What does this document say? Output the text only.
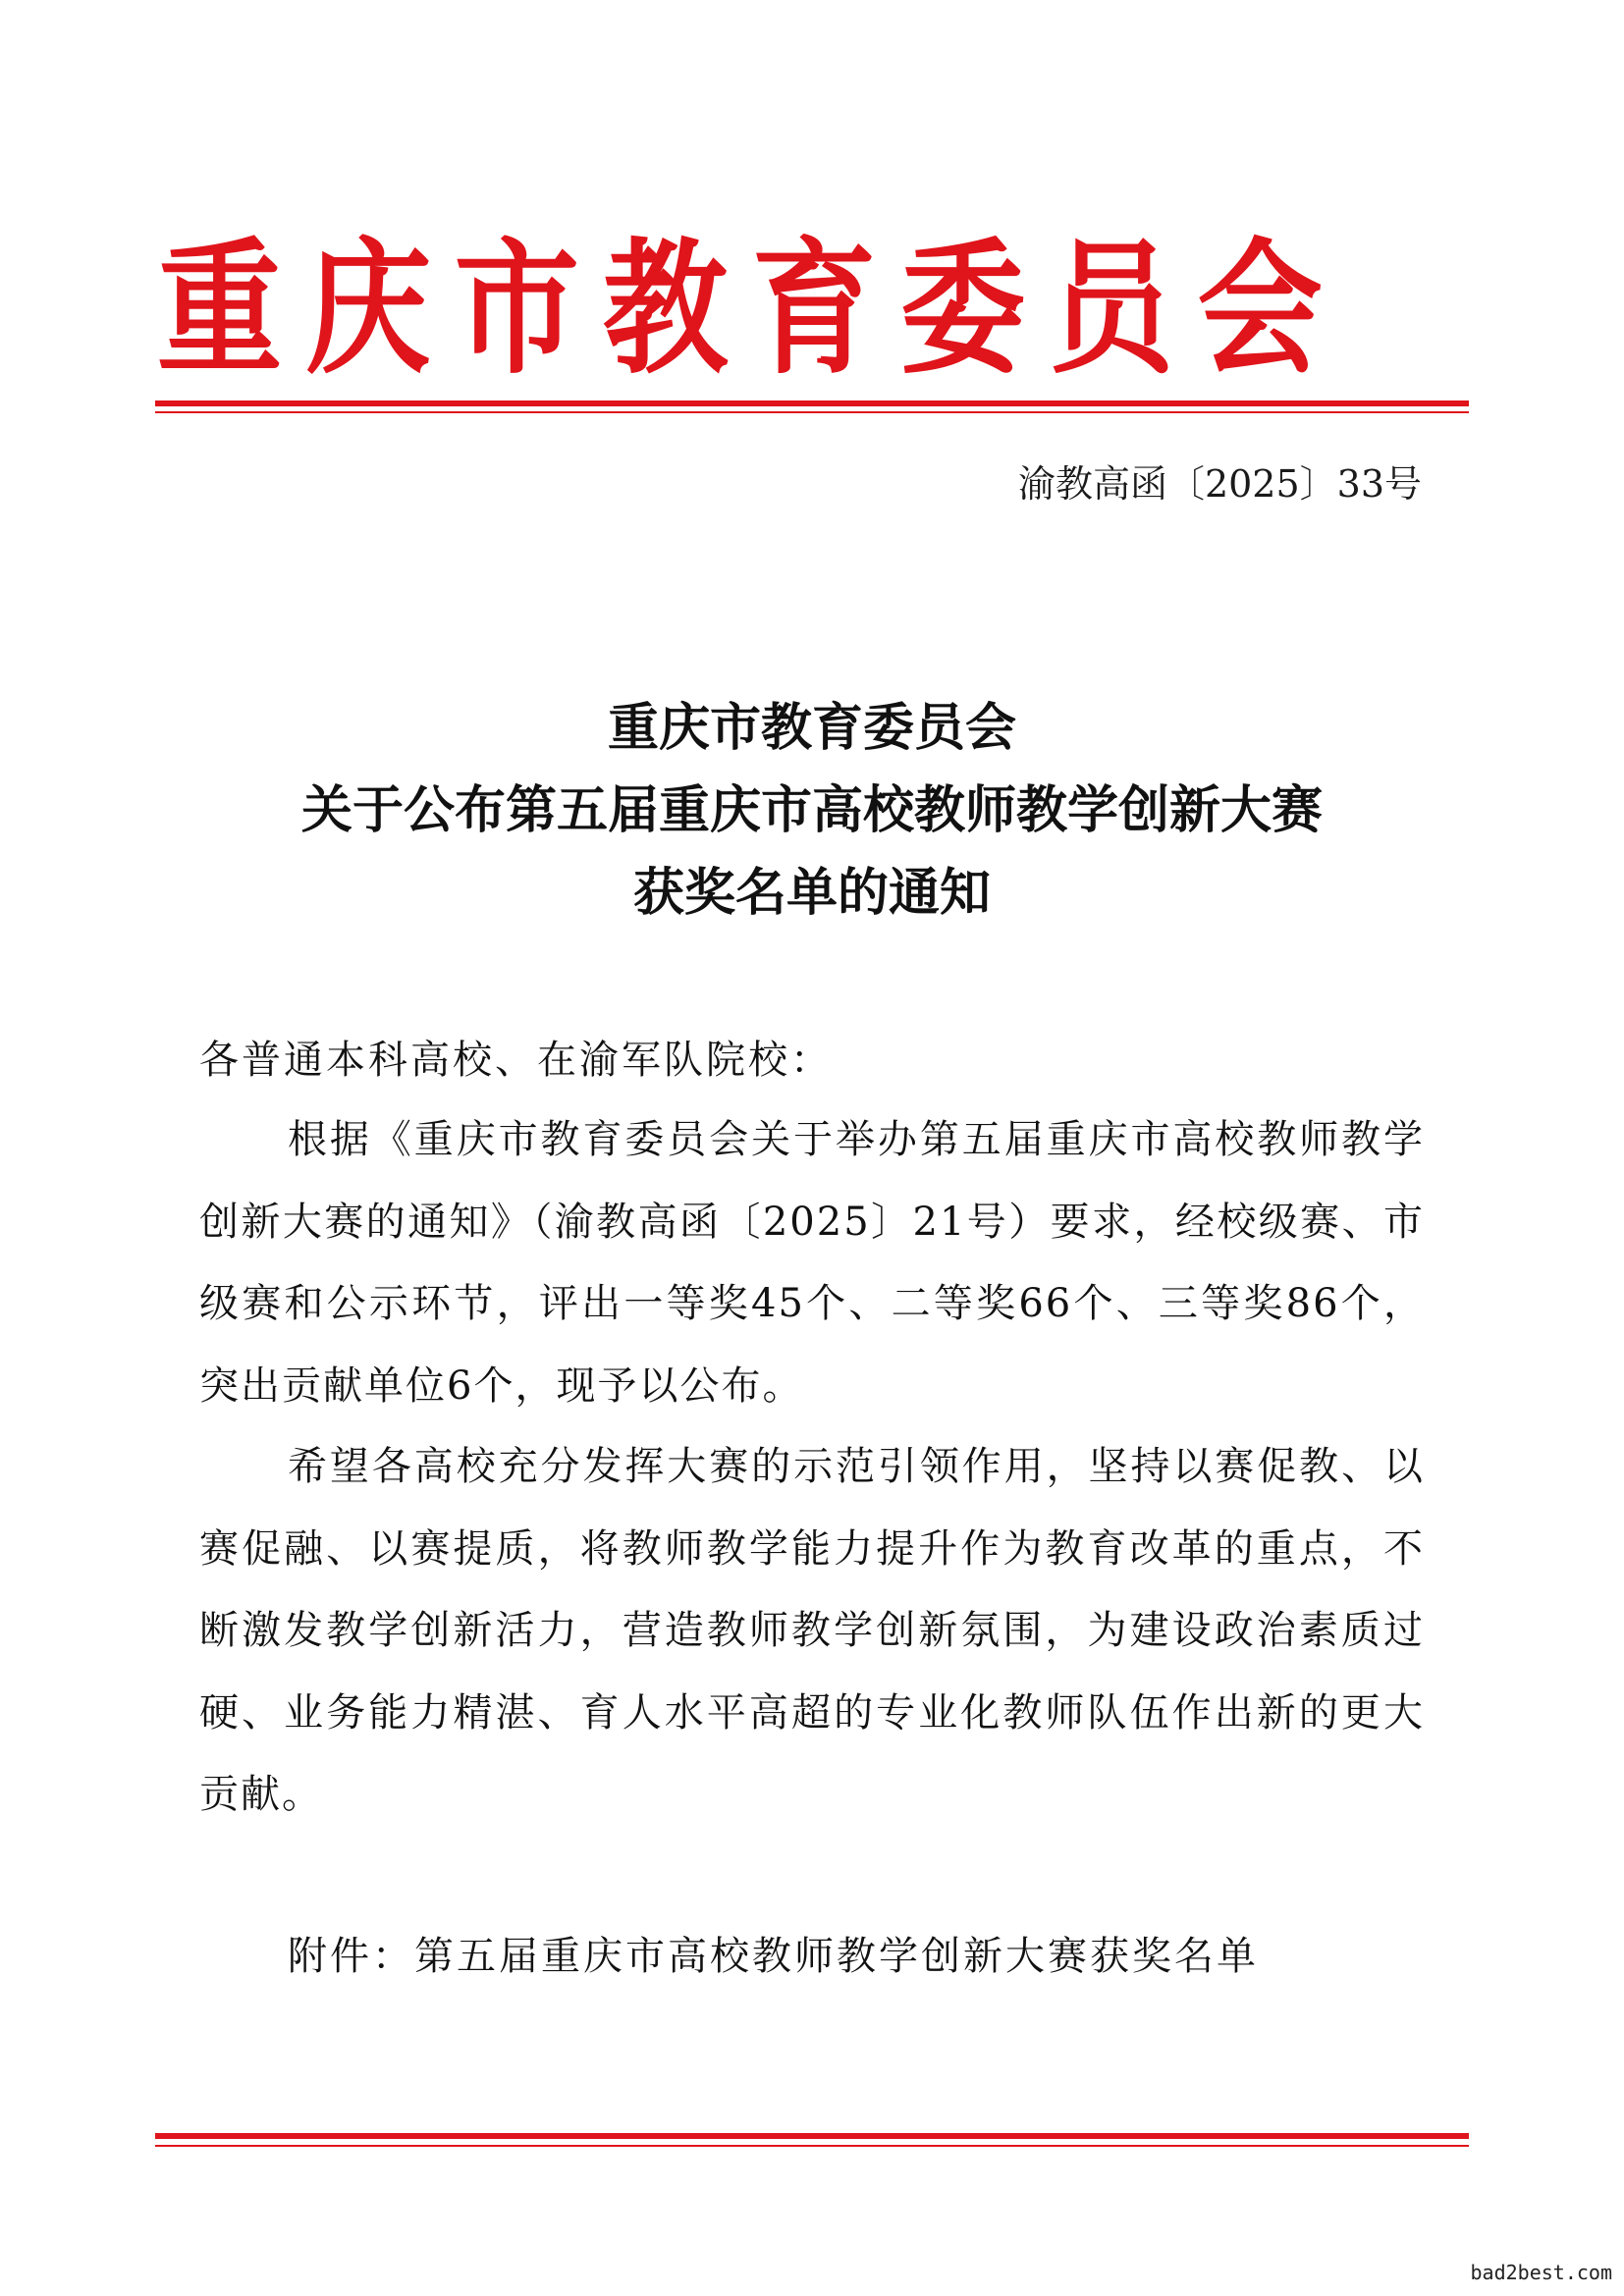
重庆市教育委员会
渝教高函〔2025〕33号
重庆市教育委员会
关于公布第五届重庆市高校教师教学创新大赛
获奖名单的通知
各普通本科高校、在渝军队院校：

根据《重庆市教育委员会关于举办第五届重庆市高校教师教学创新大赛的通知》（渝教高函〔2025〕21号）要求，经校级赛、市级赛和公示环节，评出一等奖45个、二等奖66个、三等奖86个，突出贡献单位6个，现予以公布。

希望各高校充分发挥大赛的示范引领作用，坚持以赛促教、以赛促融、以赛提质，将教师教学能力提升作为教育改革的重点，不断激发教学创新活力，营造教师教学创新氛围，为建设政治素质过硬、业务能力精湛、育人水平高超的专业化教师队伍作出新的更大贡献。

附件：第五届重庆市高校教师教学创新大赛获奖名单
bad2best.com
